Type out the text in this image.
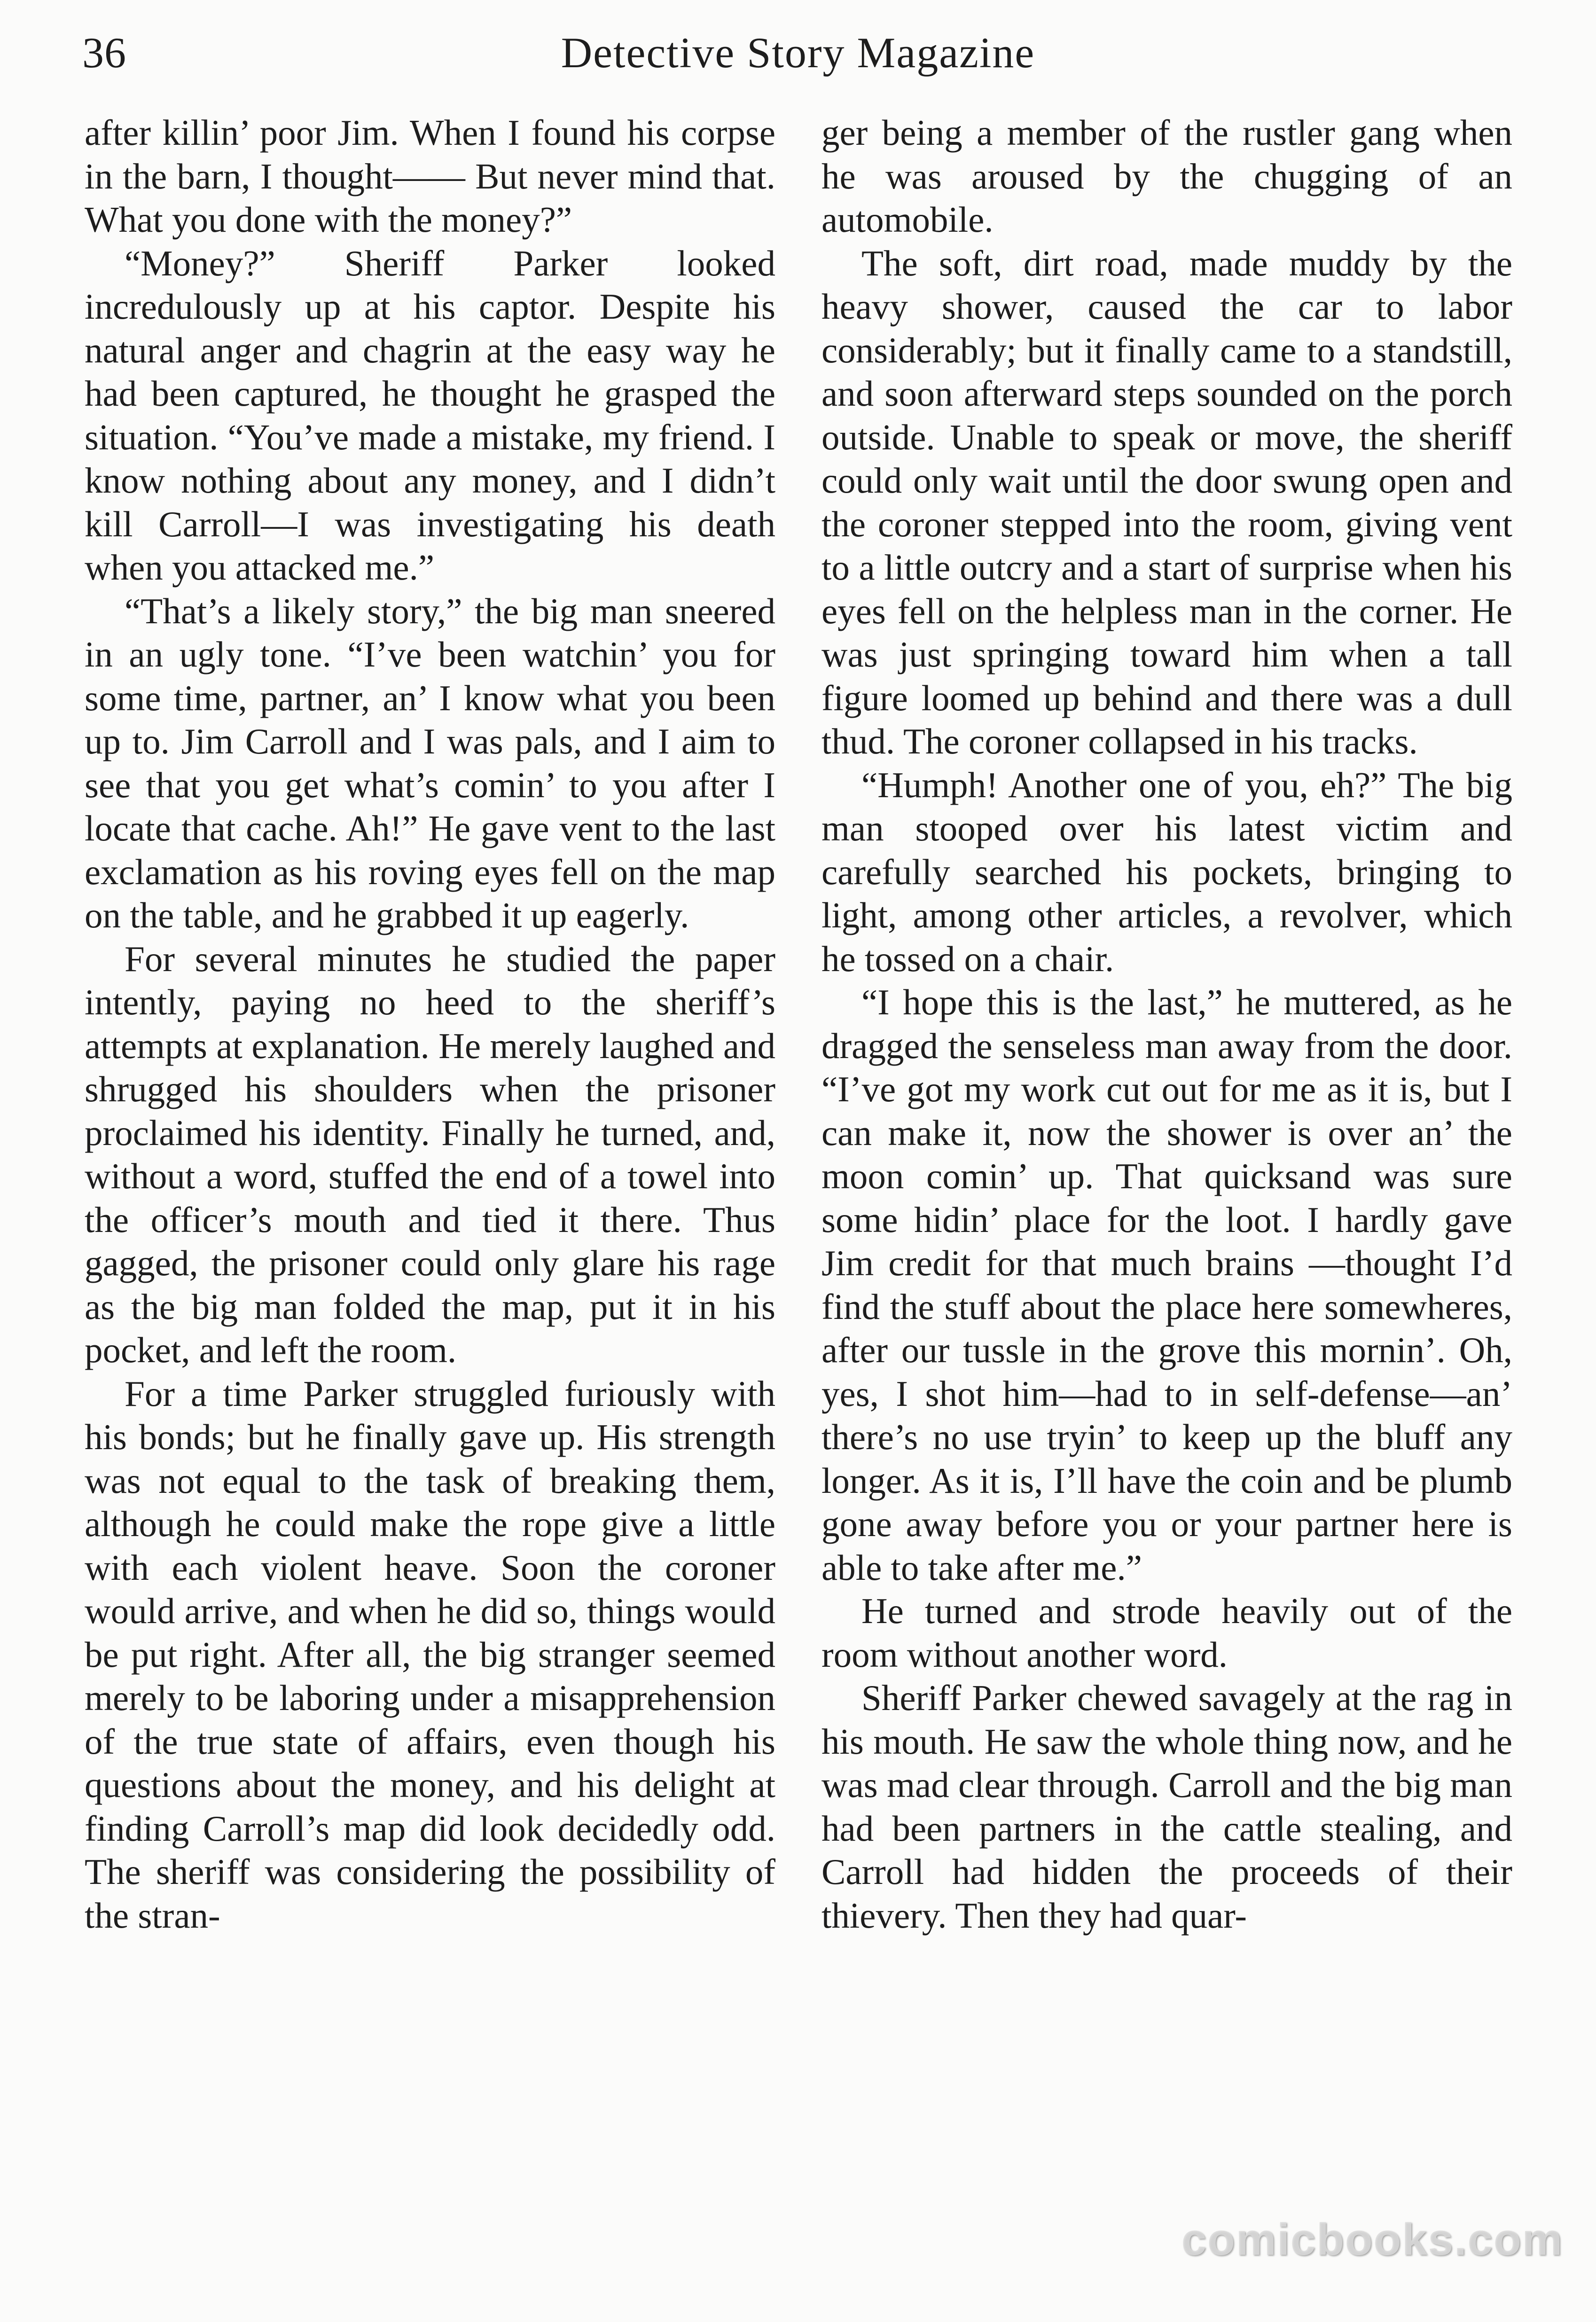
36	Detective Story Magazine

after killin’ poor Jim. When I found his corpse in the barn, I thought—— But never mind that. What you done with the money?”

“Money?” Sheriff Parker looked incredulously up at his captor. Despite his natural anger and chagrin at the easy way he had been captured, he thought he grasped the situation. “You’ve made a mistake, my friend. I know nothing about any money, and I didn’t kill Carroll—I was investigating his death when you attacked me.”

“That’s a likely story,” the big man sneered in an ugly tone. “I’ve been watchin’ you for some time, partner, an’ I know what you been up to. Jim Carroll and I was pals, and I aim to see that you get what’s comin’ to you after I locate that cache. Ah!” He gave vent to the last exclamation as his roving eyes fell on the map on the table, and he grabbed it up eagerly.

For several minutes he studied the paper intently, paying no heed to the sheriff’s attempts at explanation. He merely laughed and shrugged his shoulders when the prisoner proclaimed his identity. Finally he turned, and, without a word, stuffed the end of a towel into the officer’s mouth and tied it there. Thus gagged, the prisoner could only glare his rage as the big man folded the map, put it in his pocket, and left the room.

For a time Parker struggled furiously with his bonds; but he finally gave up. His strength was not equal to the task of breaking them, although he could make the rope give a little with each violent heave. Soon the coroner would arrive, and when he did so, things would be put right. After all, the big stranger seemed merely to be laboring under a misapprehension of the true state of affairs, even though his questions about the money, and his delight at finding Carroll’s map did look decidedly odd. The sheriff was considering the possibility of the stran-

ger being a member of the rustler gang when he was aroused by the chugging of an automobile.

The soft, dirt road, made muddy by the heavy shower, caused the car to labor considerably; but it finally came to a standstill, and soon afterward steps sounded on the porch outside. Unable to speak or move, the sheriff could only wait until the door swung open and the coroner stepped into the room, giving vent to a little outcry and a start of surprise when his eyes fell on the helpless man in the corner. He was just springing toward him when a tall figure loomed up behind and there was a dull thud. The coroner collapsed in his tracks.

“Humph! Another one of you, eh?” The big man stooped over his latest victim and carefully searched his pockets, bringing to light, among other articles, a revolver, which he tossed on a chair.

“I hope this is the last,” he muttered, as he dragged the senseless man away from the door. “I’ve got my work cut out for me as it is, but I can make it, now the shower is over an’ the moon comin’ up. That quicksand was sure some hidin’ place for the loot. I hardly gave Jim credit for that much brains —thought I’d find the stuff about the place here somewheres, after our tussle in the grove this mornin’. Oh, yes, I shot him—had to in self-defense—an’ there’s no use tryin’ to keep up the bluff any longer. As it is, I’ll have the coin and be plumb gone away before you or your partner here is able to take after me.”

He turned and strode heavily out of the room without another word.

Sheriff Parker chewed savagely at the rag in his mouth. He saw the whole thing now, and he was mad clear through. Carroll and the big man had been partners in the cattle stealing, and Carroll had hidden the proceeds of their thievery. Then they had quar-

comicbooks.com
